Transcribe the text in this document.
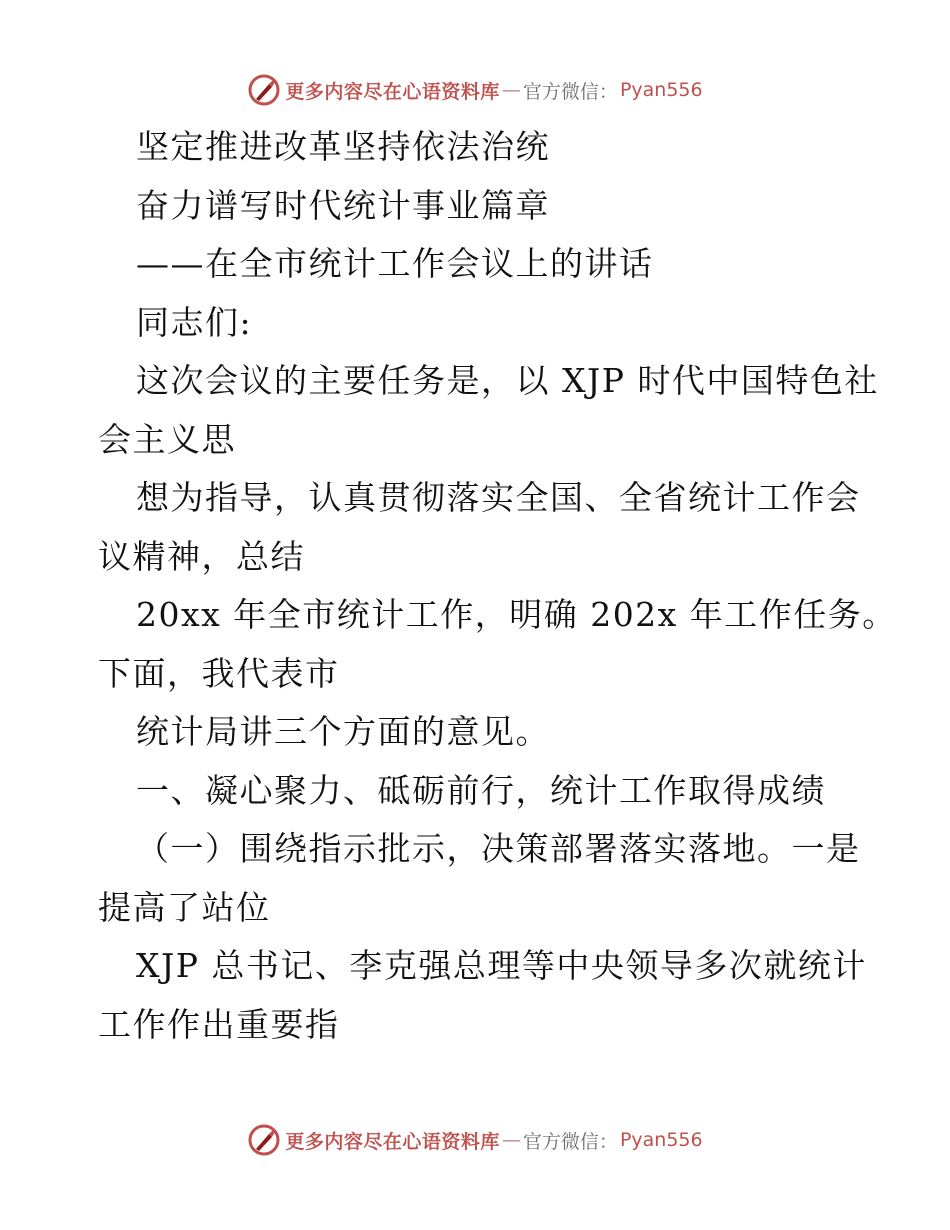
更多内容尽在心语资料库 — 官方微信： Pyan556
坚定推进改革坚持依法治统
奋力谱写时代统计事业篇章
——在全市统计工作会议上的讲话
同志们:
这次会议的主要任务是，以 XJP 时代中国特色社
会主义思
想为指导，认真贯彻落实全国、全省统计工作会
议精神，总结
20xx 年全市统计工作，明确 202x 年工作任务。
下面，我代表市
统计局讲三个方面的意见。
一、凝心聚力、砥砺前行，统计工作取得成绩
（一）围绕指示批示，决策部署落实落地。一是
提高了站位
XJP 总书记、李克强总理等中央领导多次就统计
工作作出重要指
更多内容尽在心语资料库 — 官方微信： Pyan556
